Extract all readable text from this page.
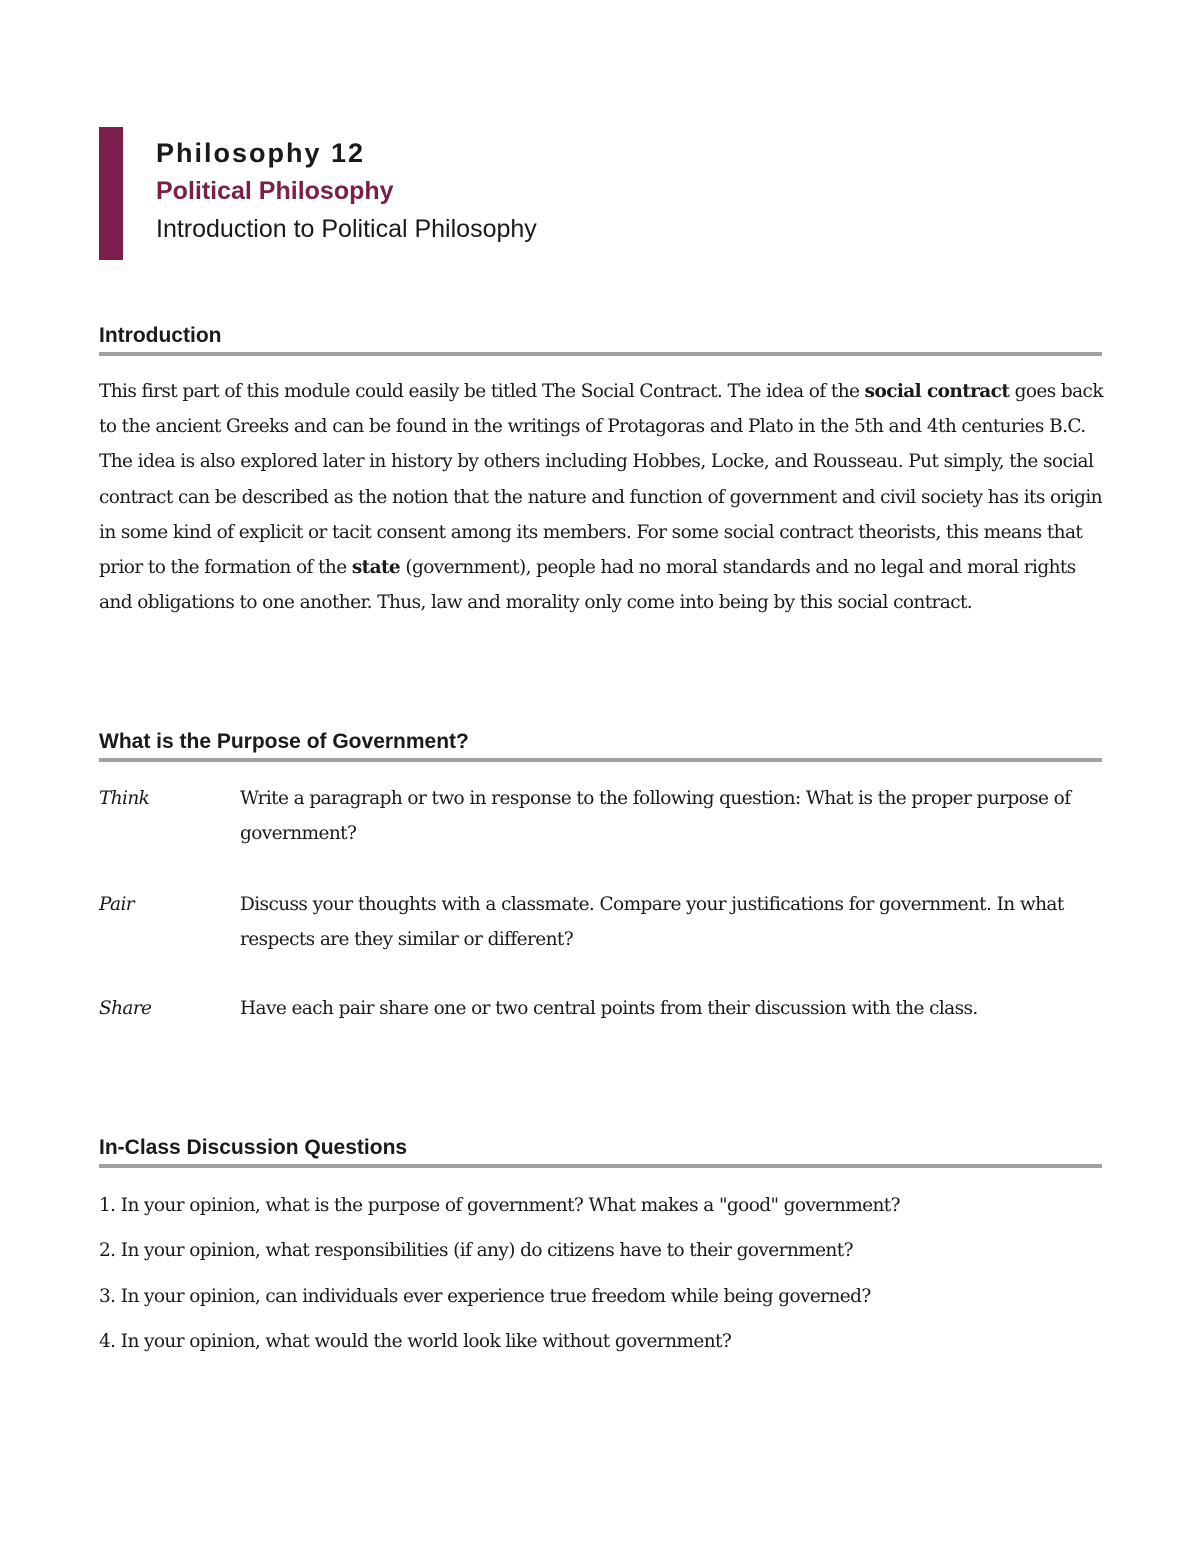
Philosophy 12

Political Philosophy

Introduction to Political Philosophy

Introduction

This first part of this module could easily be titled The Social Contract. The idea of the social contract goes back to the ancient Greeks and can be found in the writings of Protagoras and Plato in the 5th and 4th centuries B.C. The idea is also explored later in history by others including Hobbes, Locke, and Rousseau. Put simply, the social contract can be described as the notion that the nature and function of government and civil society has its origin in some kind of explicit or tacit consent among its members. For some social contract theorists, this means that prior to the formation of the state (government), people had no moral standards and no legal and moral rights and obligations to one another. Thus, law and morality only come into being by this social contract.

What is the Purpose of Government?
Think	Write a paragraph or two in response to the following question: What is the proper purpose of government?

Pair	Discuss your thoughts with a classmate. Compare your justifications for government. In what respects are they similar or different?

Share	Have each pair share one or two central points from their discussion with the class.

In-Class Discussion Questions

1. In your opinion, what is the purpose of government? What makes a "good" government?

2. In your opinion, what responsibilities (if any) do citizens have to their government?

3. In your opinion, can individuals ever experience true freedom while being governed?

4. In your opinion, what would the world look like without government?
